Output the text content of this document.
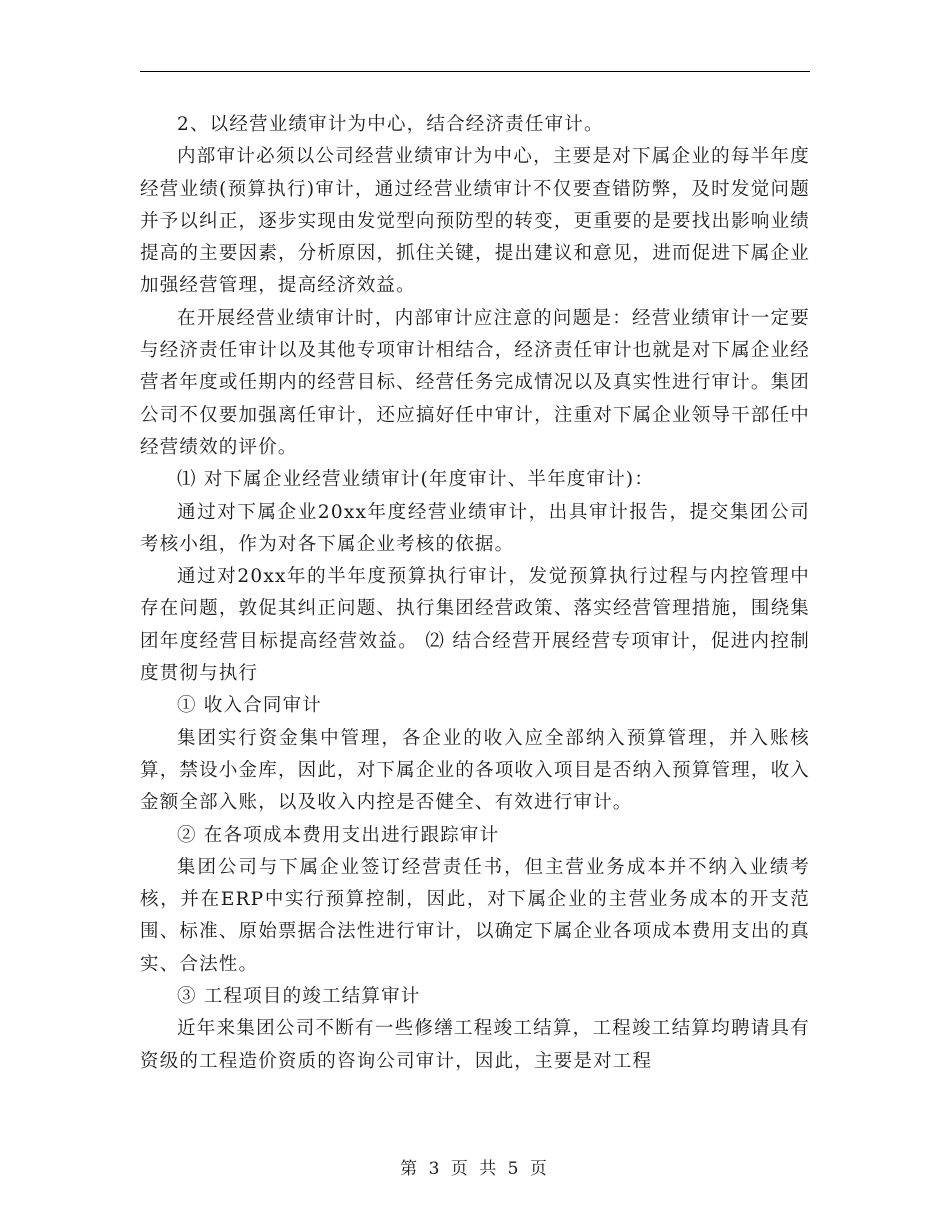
2、以经营业绩审计为中心，结合经济责任审计。

内部审计必须以公司经营业绩审计为中心，主要是对下属企业的每半年度经营业绩(预算执行)审计，通过经营业绩审计不仅要查错防弊，及时发觉问题并予以纠正，逐步实现由发觉型向预防型的转变，更重要的是要找出影响业绩提高的主要因素，分析原因，抓住关键，提出建议和意见，进而促进下属企业加强经营管理，提高经济效益。

在开展经营业绩审计时，内部审计应注意的问题是：经营业绩审计一定要与经济责任审计以及其他专项审计相结合，经济责任审计也就是对下属企业经营者年度或任期内的经营目标、经营任务完成情况以及真实性进行审计。集团公司不仅要加强离任审计，还应搞好任中审计，注重对下属企业领导干部任中经营绩效的评价。

⑴ 对下属企业经营业绩审计(年度审计、半年度审计)：

通过对下属企业20xx年度经营业绩审计，出具审计报告，提交集团公司考核小组，作为对各下属企业考核的依据。

通过对20xx年的半年度预算执行审计，发觉预算执行过程与内控管理中存在问题，敦促其纠正问题、执行集团经营政策、落实经营管理措施，围绕集团年度经营目标提高经营效益。 ⑵ 结合经营开展经营专项审计，促进内控制度贯彻与执行

① 收入合同审计

集团实行资金集中管理，各企业的收入应全部纳入预算管理，并入账核算，禁设小金库，因此，对下属企业的各项收入项目是否纳入预算管理，收入金额全部入账，以及收入内控是否健全、有效进行审计。

② 在各项成本费用支出进行跟踪审计

集团公司与下属企业签订经营责任书，但主营业务成本并不纳入业绩考核，并在ERP中实行预算控制，因此，对下属企业的主营业务成本的开支范围、标准、原始票据合法性进行审计，以确定下属企业各项成本费用支出的真实、合法性。

③ 工程项目的竣工结算审计

近年来集团公司不断有一些修缮工程竣工结算，工程竣工结算均聘请具有资级的工程造价资质的咨询公司审计，因此，主要是对工程

第 3 页 共 5 页
